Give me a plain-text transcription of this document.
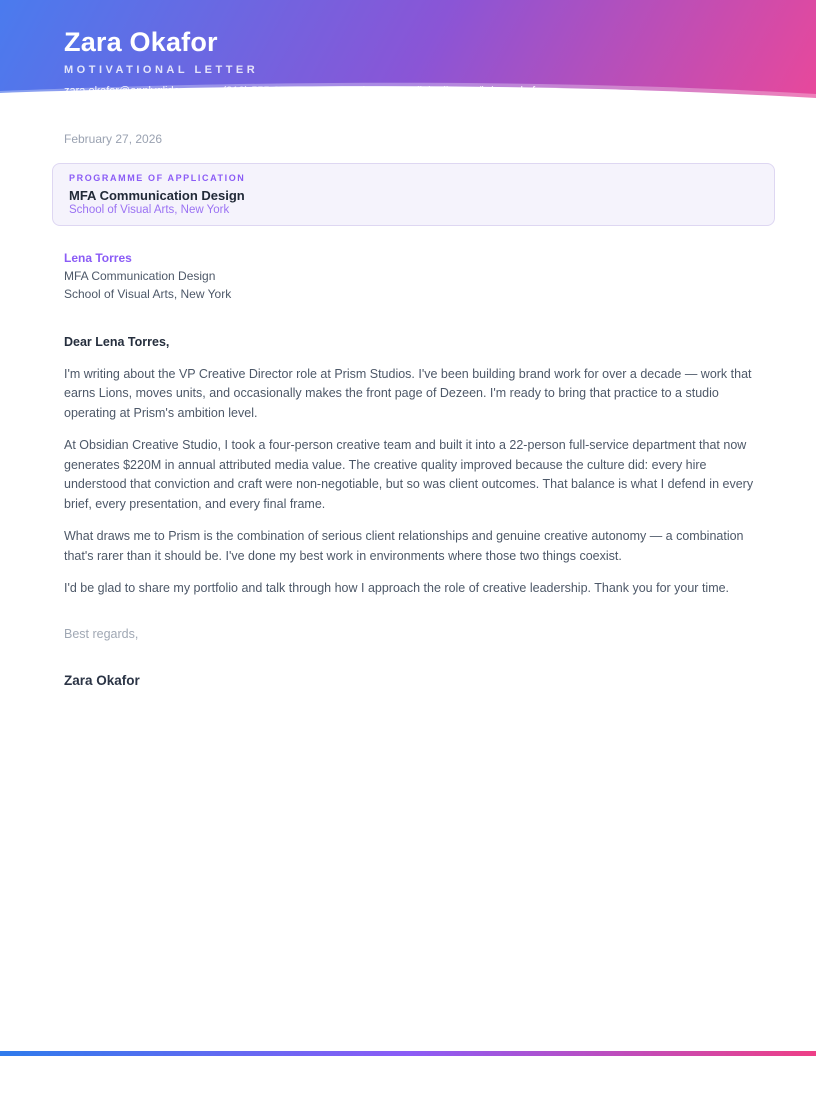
Zara Okafor
MOTIVATIONAL LETTER
February 27, 2026
PROGRAMME OF APPLICATION
MFA Communication Design
School of Visual Arts, New York
Lena Torres
MFA Communication Design
School of Visual Arts, New York
Dear Lena Torres,

I'm writing about the VP Creative Director role at Prism Studios. I've been building brand work for over a decade — work that earns Lions, moves units, and occasionally makes the front page of Dezeen. I'm ready to bring that practice to a studio operating at Prism's ambition level.

At Obsidian Creative Studio, I took a four-person creative team and built it into a 22-person full-service department that now generates $220M in annual attributed media value. The creative quality improved because the culture did: every hire understood that conviction and craft were non-negotiable, but so was client outcomes. That balance is what I defend in every brief, every presentation, and every final frame.

What draws me to Prism is the combination of serious client relationships and genuine creative autonomy — a combination that's rarer than it should be. I've done my best work in environments where those two things coexist.

I'd be glad to share my portfolio and talk through how I approach the role of creative leadership. Thank you for your time.

Best regards,
Zara Okafor
